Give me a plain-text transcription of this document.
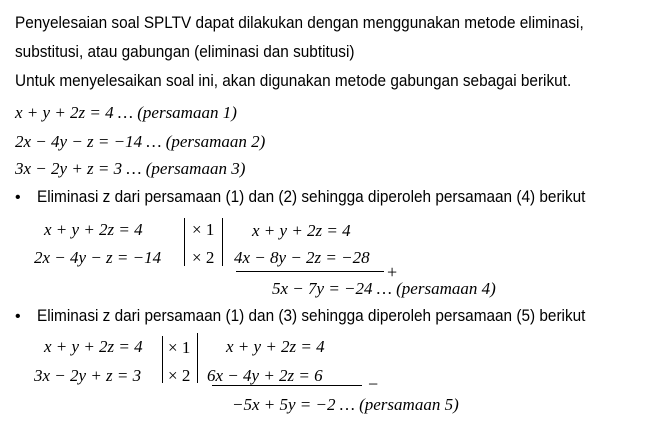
Penyelesaian soal SPLTV dapat dilakukan dengan menggunakan metode eliminasi,
substitusi, atau gabungan (eliminasi dan subtitusi)
Untuk menyelesaikan soal ini, akan digunakan metode gabungan sebagai berikut.
x + y + 2z = 4 … (persamaan 1)
2x − 4y − z = −14 … (persamaan 2)
3x − 2y + z = 3 … (persamaan 3)
• Eliminasi z dari persamaan (1) dan (2) sehingga diperoleh persamaan (4) berikut
x + y + 2z = 4
2x − 4y − z = −14
× 1
× 2
x + y + 2z = 4
4x − 8y − 2z = −28
+
5x − 7y = −24 … (persamaan 4)
• Eliminasi z dari persamaan (1) dan (3) sehingga diperoleh persamaan (5) berikut
x + y + 2z = 4
3x − 2y + z = 3
× 1
× 2
x + y + 2z = 4
6x − 4y + 2z = 6	−
−5x + 5y = −2 … (persamaan 5)
